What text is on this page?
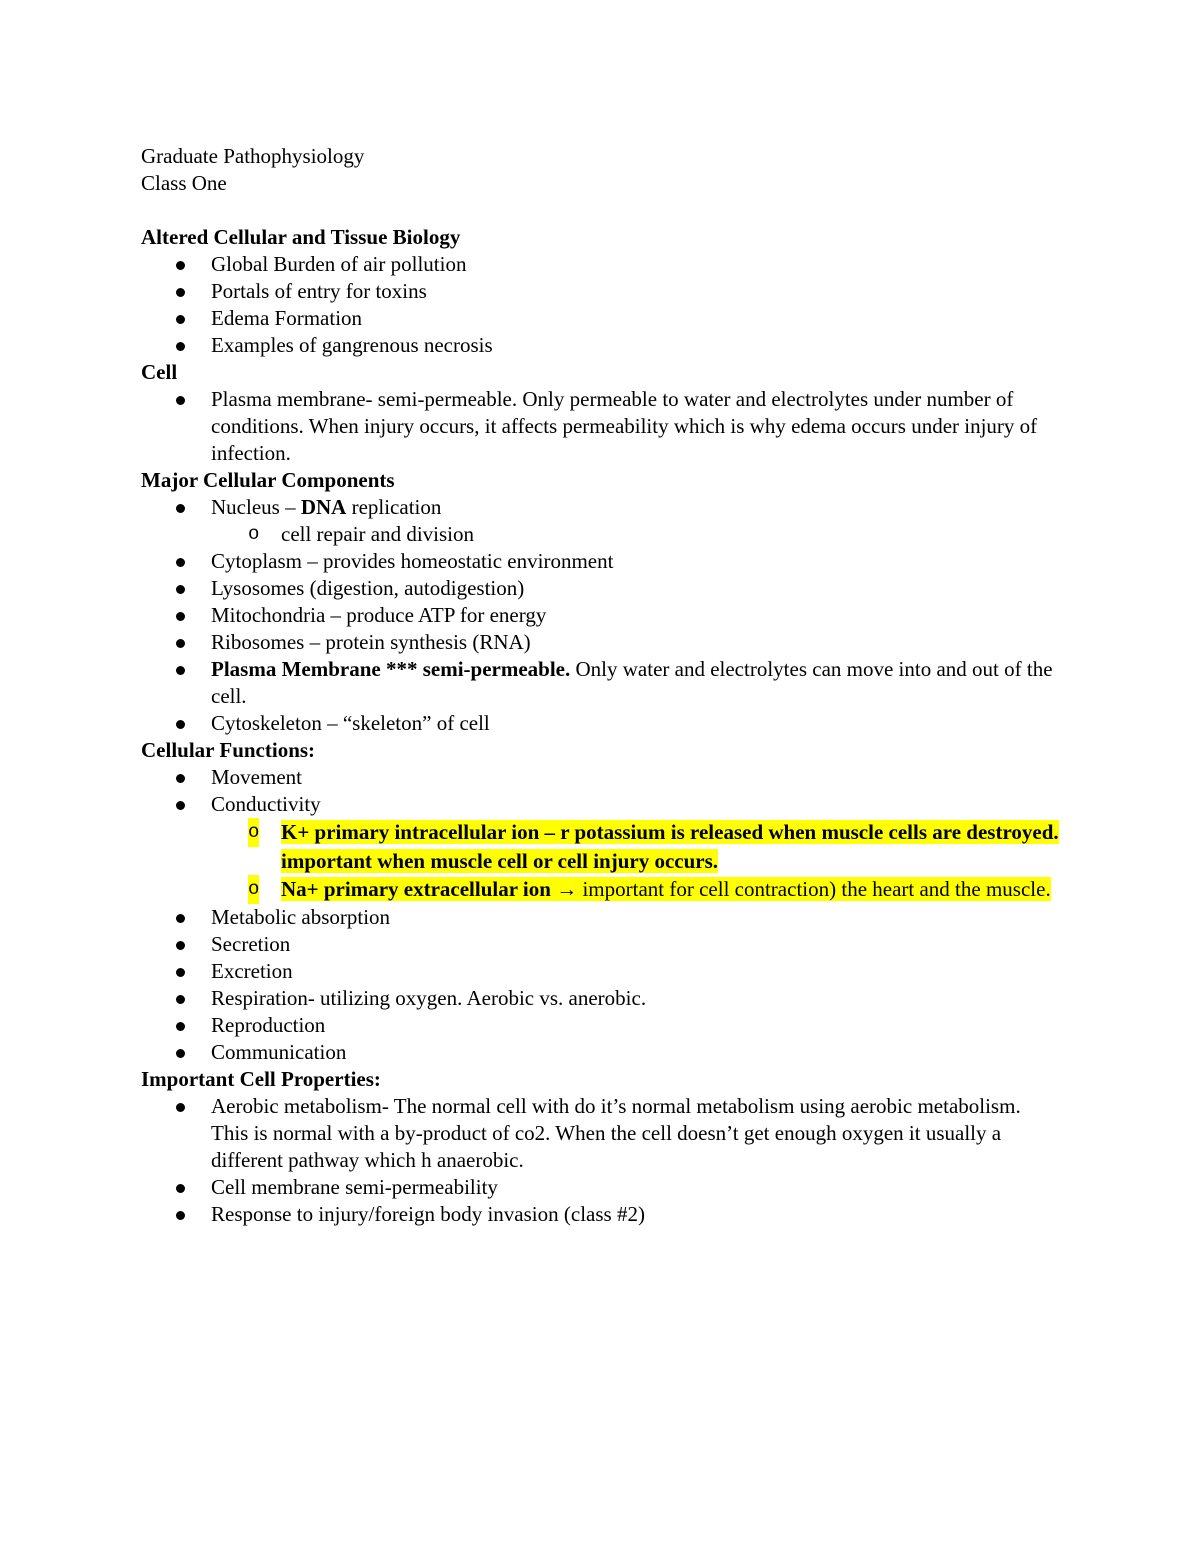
Graduate Pathophysiology
Class One
Altered Cellular and Tissue Biology
Global Burden of air pollution
Portals of entry for toxins
Edema Formation
Examples of gangrenous necrosis
Cell
Plasma membrane- semi-permeable. Only permeable to water and electrolytes under number of conditions. When injury occurs, it affects permeability which is why edema occurs under injury of infection.
Major Cellular Components
Nucleus – DNA replication
o cell repair and division
Cytoplasm – provides homeostatic environment
Lysosomes (digestion, autodigestion)
Mitochondria – produce ATP for energy
Ribosomes – protein synthesis (RNA)
Plasma Membrane *** semi-permeable. Only water and electrolytes can move into and out of the cell.
Cytoskeleton – “skeleton” of cell
Cellular Functions:
Movement
Conductivity
o K+ primary intracellular ion – r potassium is released when muscle cells are destroyed. important when muscle cell or cell injury occurs.
o Na+ primary extracellular ion → important for cell contraction) the heart and the muscle.
Metabolic absorption
Secretion
Excretion
Respiration- utilizing oxygen. Aerobic vs. anerobic.
Reproduction
Communication
Important Cell Properties:
Aerobic metabolism- The normal cell with do it’s normal metabolism using aerobic metabolism. This is normal with a by-product of co2. When the cell doesn’t get enough oxygen it usually a different pathway which h anaerobic.
Cell membrane semi-permeability
Response to injury/foreign body invasion (class #2)
